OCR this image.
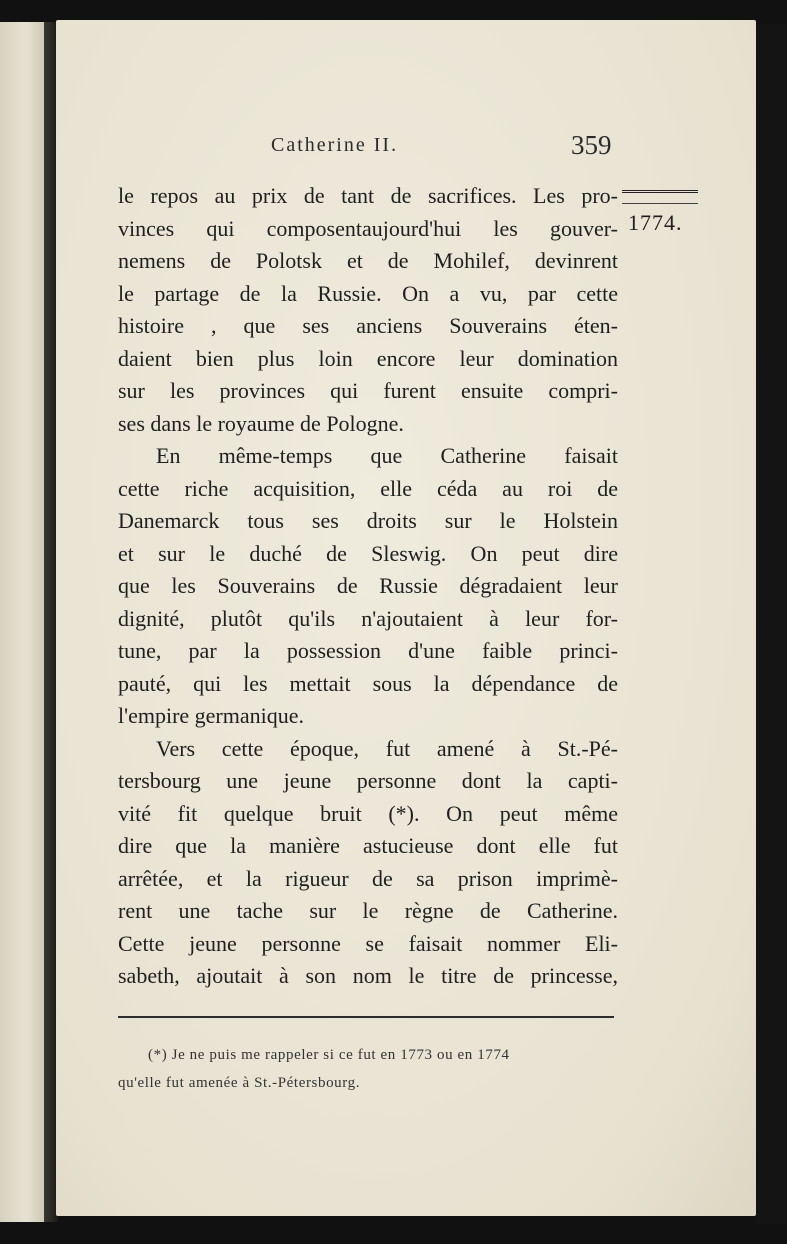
Catherine II.	359
1774.
le repos au prix de tant de sacrifices. Les pro-
vinces qui composentaujourd'hui les gouver-
nemens de Polotsk et de Mohilef, devinrent
le partage de la Russie. On a vu, par cette
histoire , que ses anciens Souverains éten-
daient bien plus loin encore leur domination
sur les provinces qui furent ensuite compri-
ses dans le royaume de Pologne.
En même-temps que Catherine faisait
cette riche acquisition, elle céda au roi de
Danemarck tous ses droits sur le Holstein
et sur le duché de Sleswig. On peut dire
que les Souverains de Russie dégradaient leur
dignité, plutôt qu'ils n'ajoutaient à leur for-
tune, par la possession d'une faible princi-
pauté, qui les mettait sous la dépendance de
l'empire germanique.
Vers cette époque, fut amené à St.-Pé-
tersbourg une jeune personne dont la capti-
vité fit quelque bruit (*). On peut même
dire que la manière astucieuse dont elle fut
arrêtée, et la rigueur de sa prison imprimè-
rent une tache sur le règne de Catherine.
Cette jeune personne se faisait nommer Eli-
sabeth, ajoutait à son nom le titre de princesse,
(*) Je ne puis me rappeler si ce fut en 1773 ou en 1774
qu'elle fut amenée à St.-Pétersbourg.
